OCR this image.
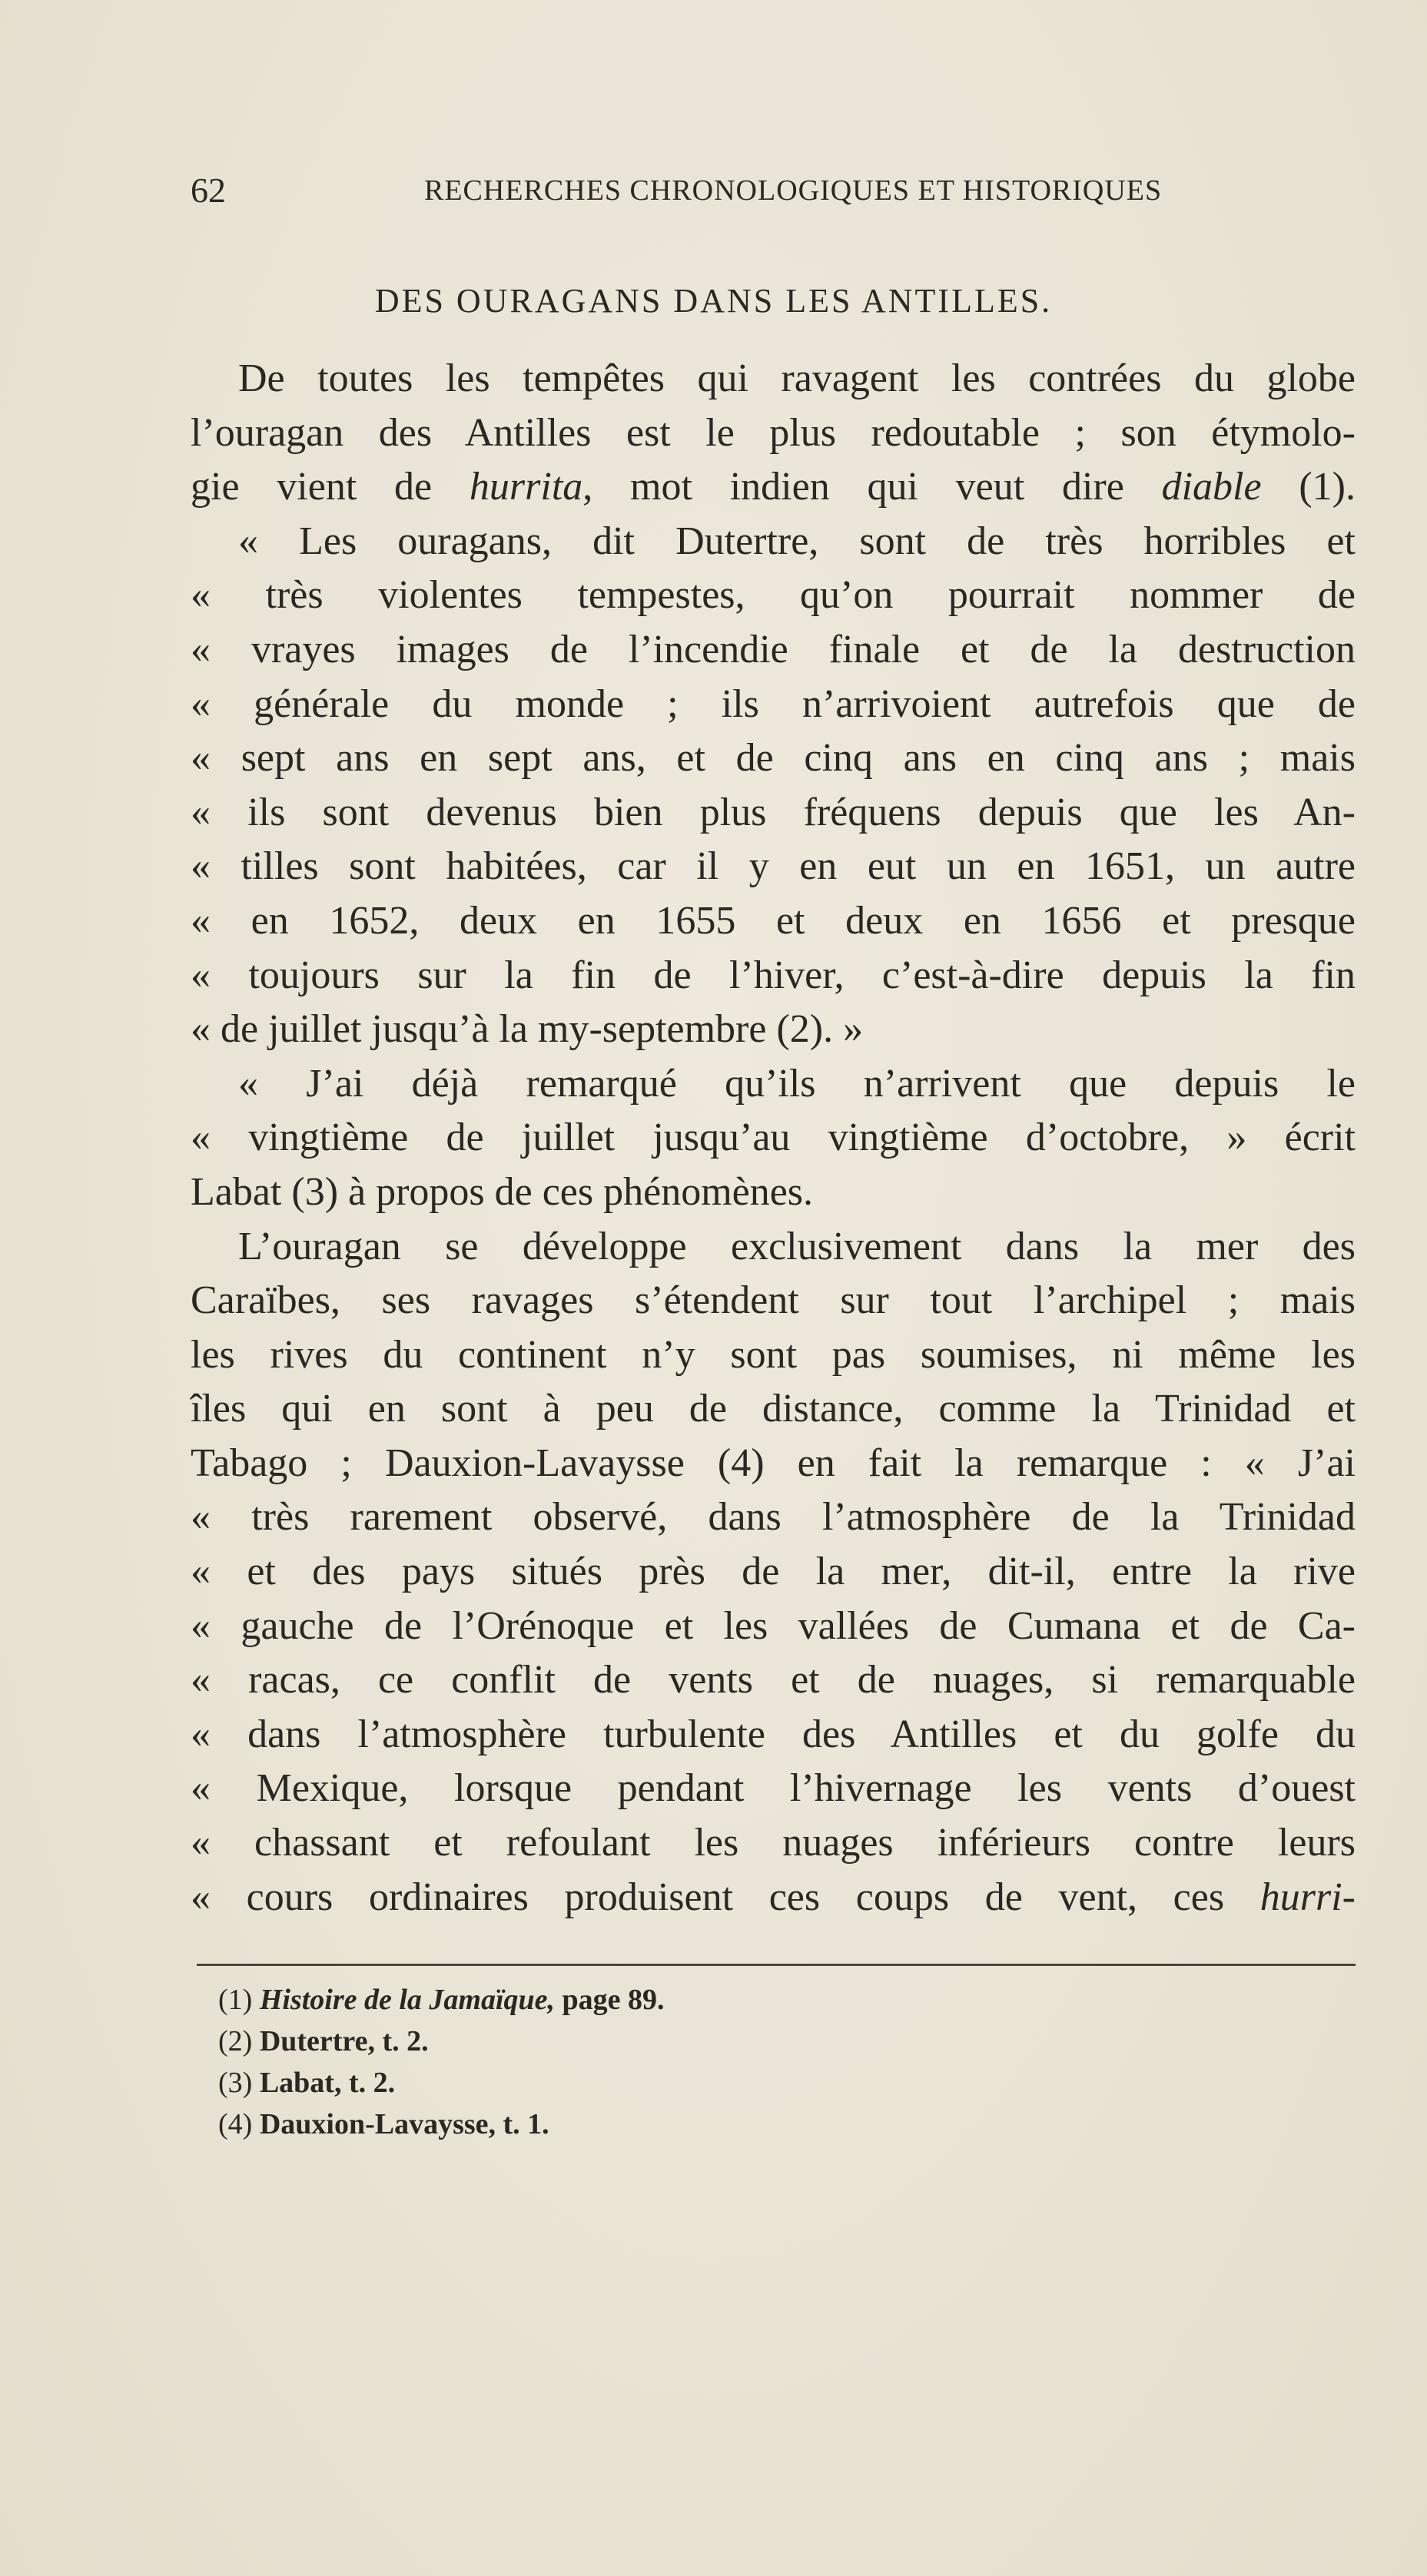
62	RECHERCHES CHRONOLOGIQUES ET HISTORIQUES
DES OURAGANS DANS LES ANTILLES.
De toutes les tempêtes qui ravagent les contrées du globe
l’ouragan des Antilles est le plus redoutable ; son étymolo-
gie vient de hurrita, mot indien qui veut dire diable (1).
« Les ouragans, dit Dutertre, sont de très horribles et
« très violentes tempestes, qu’on pourrait nommer de
« vrayes images de l’incendie finale et de la destruction
« générale du monde ; ils n’arrivoient autrefois que de
« sept ans en sept ans, et de cinq ans en cinq ans ; mais
« ils sont devenus bien plus fréquens depuis que les An-
« tilles sont habitées, car il y en eut un en 1651, un autre
« en 1652, deux en 1655 et deux en 1656 et presque
« toujours sur la fin de l’hiver, c’est-à-dire depuis la fin
« de juillet jusqu’à la my-septembre (2). »
« J’ai déjà remarqué qu’ils n’arrivent que depuis le
« vingtième de juillet jusqu’au vingtième d’octobre, » écrit
Labat (3) à propos de ces phénomènes.
L’ouragan se développe exclusivement dans la mer des
Caraïbes, ses ravages s’étendent sur tout l’archipel ; mais
les rives du continent n’y sont pas soumises, ni même les
îles qui en sont à peu de distance, comme la Trinidad et
Tabago ; Dauxion-Lavaysse (4) en fait la remarque : « J’ai
« très rarement observé, dans l’atmosphère de la Trinidad
« et des pays situés près de la mer, dit-il, entre la rive
« gauche de l’Orénoque et les vallées de Cumana et de Ca-
« racas, ce conflit de vents et de nuages, si remarquable
« dans l’atmosphère turbulente des Antilles et du golfe du
« Mexique, lorsque pendant l’hivernage les vents d’ouest
« chassant et refoulant les nuages inférieurs contre leurs
« cours ordinaires produisent ces coups de vent, ces hurri-
(1) Histoire de la Jamaïque, page 89.
(2) Dutertre, t. 2.
(3) Labat, t. 2.
(4) Dauxion-Lavaysse, t. 1.
